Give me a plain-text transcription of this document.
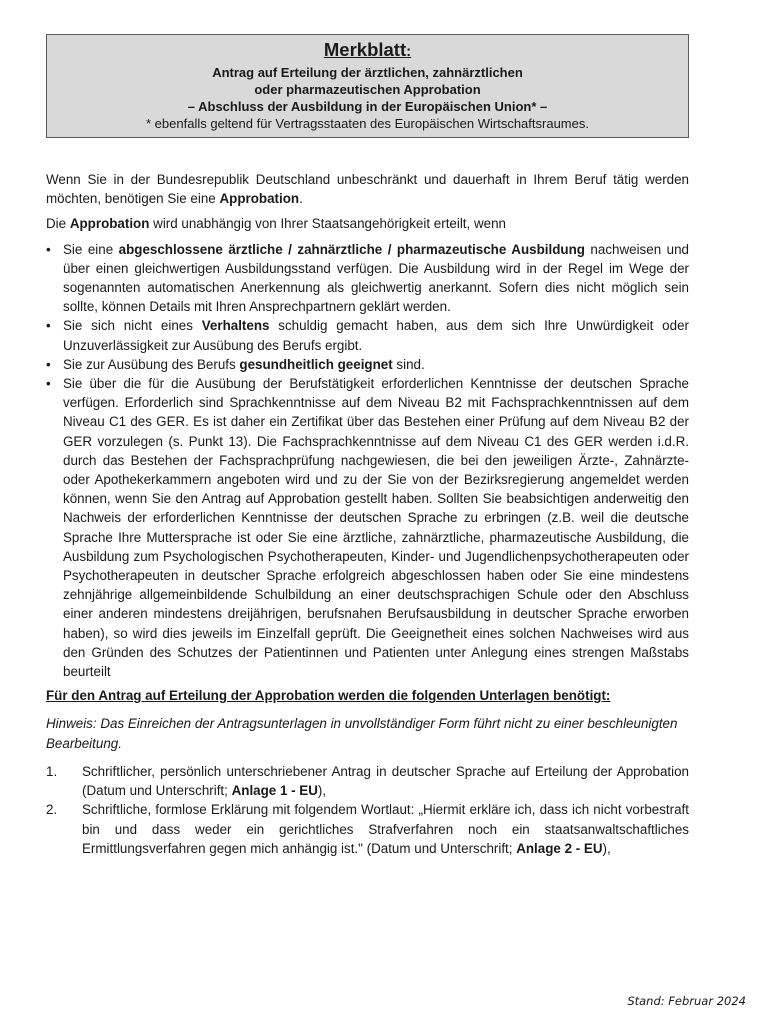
Merkblatt:
Antrag auf Erteilung der ärztlichen, zahnärztlichen
oder pharmazeutischen Approbation
– Abschluss der Ausbildung in der Europäischen Union* –
* ebenfalls geltend für Vertragsstaaten des Europäischen Wirtschaftsraumes.

Wenn Sie in der Bundesrepublik Deutschland unbeschränkt und dauerhaft in Ihrem Beruf tätig werden möchten, benötigen Sie eine Approbation.

Die Approbation wird unabhängig von Ihrer Staatsangehörigkeit erteilt, wenn

• Sie eine abgeschlossene ärztliche / zahnärztliche / pharmazeutische Ausbildung nachweisen und über einen gleichwertigen Ausbildungsstand verfügen. Die Ausbildung wird in der Regel im Wege der sogenannten automatischen Anerkennung als gleichwertig anerkannt. Sofern dies nicht möglich sein sollte, können Details mit Ihren Ansprechpartnern geklärt werden.
• Sie sich nicht eines Verhaltens schuldig gemacht haben, aus dem sich Ihre Unwürdigkeit oder Unzuverlässigkeit zur Ausübung des Berufs ergibt.
• Sie zur Ausübung des Berufs gesundheitlich geeignet sind.
• Sie über die für die Ausübung der Berufstätigkeit erforderlichen Kenntnisse der deutschen Sprache verfügen. Erforderlich sind Sprachkenntnisse auf dem Niveau B2 mit Fachsprachkenntnissen auf dem Niveau C1 des GER. Es ist daher ein Zertifikat über das Bestehen einer Prüfung auf dem Niveau B2 der GER vorzulegen (s. Punkt 13). Die Fachsprachkenntnisse auf dem Niveau C1 des GER werden i.d.R. durch das Bestehen der Fachsprachprüfung nachgewiesen, die bei den jeweiligen Ärzte-, Zahnärzte- oder Apothekerkammern angeboten wird und zu der Sie von der Bezirksregierung angemeldet werden können, wenn Sie den Antrag auf Approbation gestellt haben. Sollten Sie beabsichtigen anderweitig den Nachweis der erforderlichen Kenntnisse der deutschen Sprache zu erbringen (z.B. weil die deutsche Sprache Ihre Muttersprache ist oder Sie eine ärztliche, zahnärztliche, pharmazeutische Ausbildung, die Ausbildung zum Psychologischen Psychotherapeuten, Kinder- und Jugendlichenpsychotherapeuten oder Psychotherapeuten in deutscher Sprache erfolgreich abgeschlossen haben oder Sie eine mindestens zehnjährige allgemeinbildende Schulbildung an einer deutschsprachigen Schule oder den Abschluss einer anderen mindestens dreijährigen, berufsnahen Berufsausbildung in deutscher Sprache erworben haben), so wird dies jeweils im Einzelfall geprüft. Die Geeignetheit eines solchen Nachweises wird aus den Gründen des Schutzes der Patientinnen und Patienten unter Anlegung eines strengen Maßstabs beurteilt

Für den Antrag auf Erteilung der Approbation werden die folgenden Unterlagen benötigt:

Hinweis: Das Einreichen der Antragsunterlagen in unvollständiger Form führt nicht zu einer beschleunigten Bearbeitung.

1. Schriftlicher, persönlich unterschriebener Antrag in deutscher Sprache auf Erteilung der Approbation (Datum und Unterschrift; Anlage 1 - EU),
2. Schriftliche, formlose Erklärung mit folgendem Wortlaut: „Hiermit erkläre ich, dass ich nicht vorbestraft bin und dass weder ein gerichtliches Strafverfahren noch ein staatsanwaltschaftliches Ermittlungsverfahren gegen mich anhängig ist." (Datum und Unterschrift; Anlage 2 - EU),
Stand: Februar 2024
